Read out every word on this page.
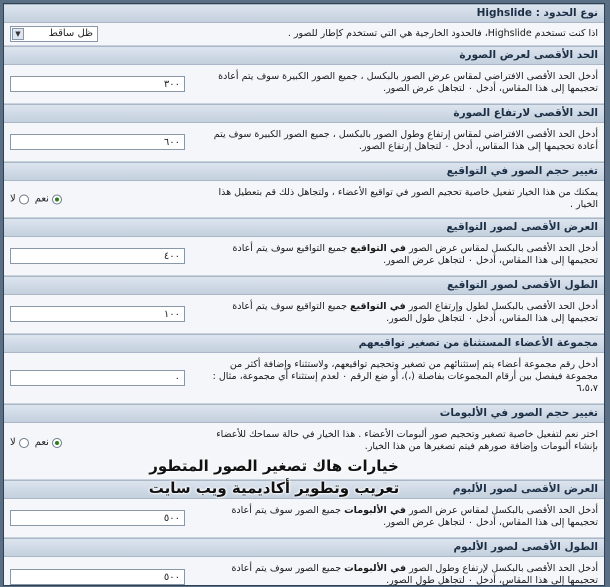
نوع الحدود : Highslide
اذا كنت تستخدم Highslide، فالحدود الخارجية هي التي تستخدم كإطار للصور .
ظل ساقط
▼
الحد الأقصى لعرض الصورة
أدخل الحد الأقصى الافتراضي لمقاس عرض الصور بالبكسل ، جميع الصور الكبيرة سوف يتم أعادة تحجيمها إلى هذا المقاس، أدخل ٠ لتجاهل عرض الصور.
٣٠٠
الحد الأقصى لارتفاع الصورة
أدخل الحد الأقصى الافتراضي لمقاس إرتفاع وطول الصور بالبكسل ، جميع الصور الكبيرة سوف يتم أعادة تحجيمها إلى هذا المقاس، أدخل ٠ لتجاهل إرتفاع الصور.
٦٠٠
تغيير حجم الصور في التواقيع
يمكنك من هذا الخيار تفعيل خاصية تحجيم الصور في تواقيع الأعضاء ، ولتجاهل ذلك قم بتعطيل هذا الخيار .
نعم
لا
العرض الأقصى لصور التواقيع
أدخل الحد الأقصى بالبكسل لمقاس عرض الصور في التواقيع جميع التواقيع سوف يتم أعادة تحجيمها إلى هذا المقاس، أدخل ٠ لتجاهل عرض الصور.
٤٠٠
الطول الأقصى لصور التواقيع
أدخل الحد الأقصى بالبكسل لطول وإرتفاع الصور في التواقيع جميع التواقيع سوف يتم أعادة تحجيمها إلى هذا المقاس، أدخل ٠ لتجاهل طول الصور.
١٠٠
مجموعة الأعضاء المستثناة من تصغير تواقيعهم
أدخل رقم مجموعة أعضاء يتم إستثنائهم من تصغير وتحجيم تواقيعهم، ولاستثناء وإضافة أكثر من مجموعة فيفصل بين أرقام المجموعات بفاصلة (،)، أو ضع الرقم ٠ لعدم إستثناء أي مجموعة، مثال : ٦،٥،٧
٠
تغيير حجم الصور في الألبومات
اختر نعم لتفعيل خاصية تصغير وتحجيم صور ألبومات الأعضاء . هذا الخيار في حالة سماحك للأعضاء بإنشاء ألبومات وإضافة صورهم فيتم تصغيرها من هذا الخيار.
نعم
لا
العرض الأقصى لصور الألبوم
أدخل الحد الأقصى بالبكسل لمقاس عرض الصور في الألبومات جميع الصور سوف يتم أعادة تحجيمها إلى هذا المقاس، أدخل ٠ لتجاهل عرض الصور.
٥٠٠
الطول الأقصى لصور الألبوم
أدخل الحد الأقصى بالبكسل لإرتفاع وطول الصور في الألبومات جميع الصور سوف يتم أعادة تحجيمها إلى هذا المقاس، أدخل ٠ لتجاهل طول الصور.
٥٠٠
خيارات هاك تصغير الصور المتطور
تعريب وتطوير أكاديمية ويب سايت
